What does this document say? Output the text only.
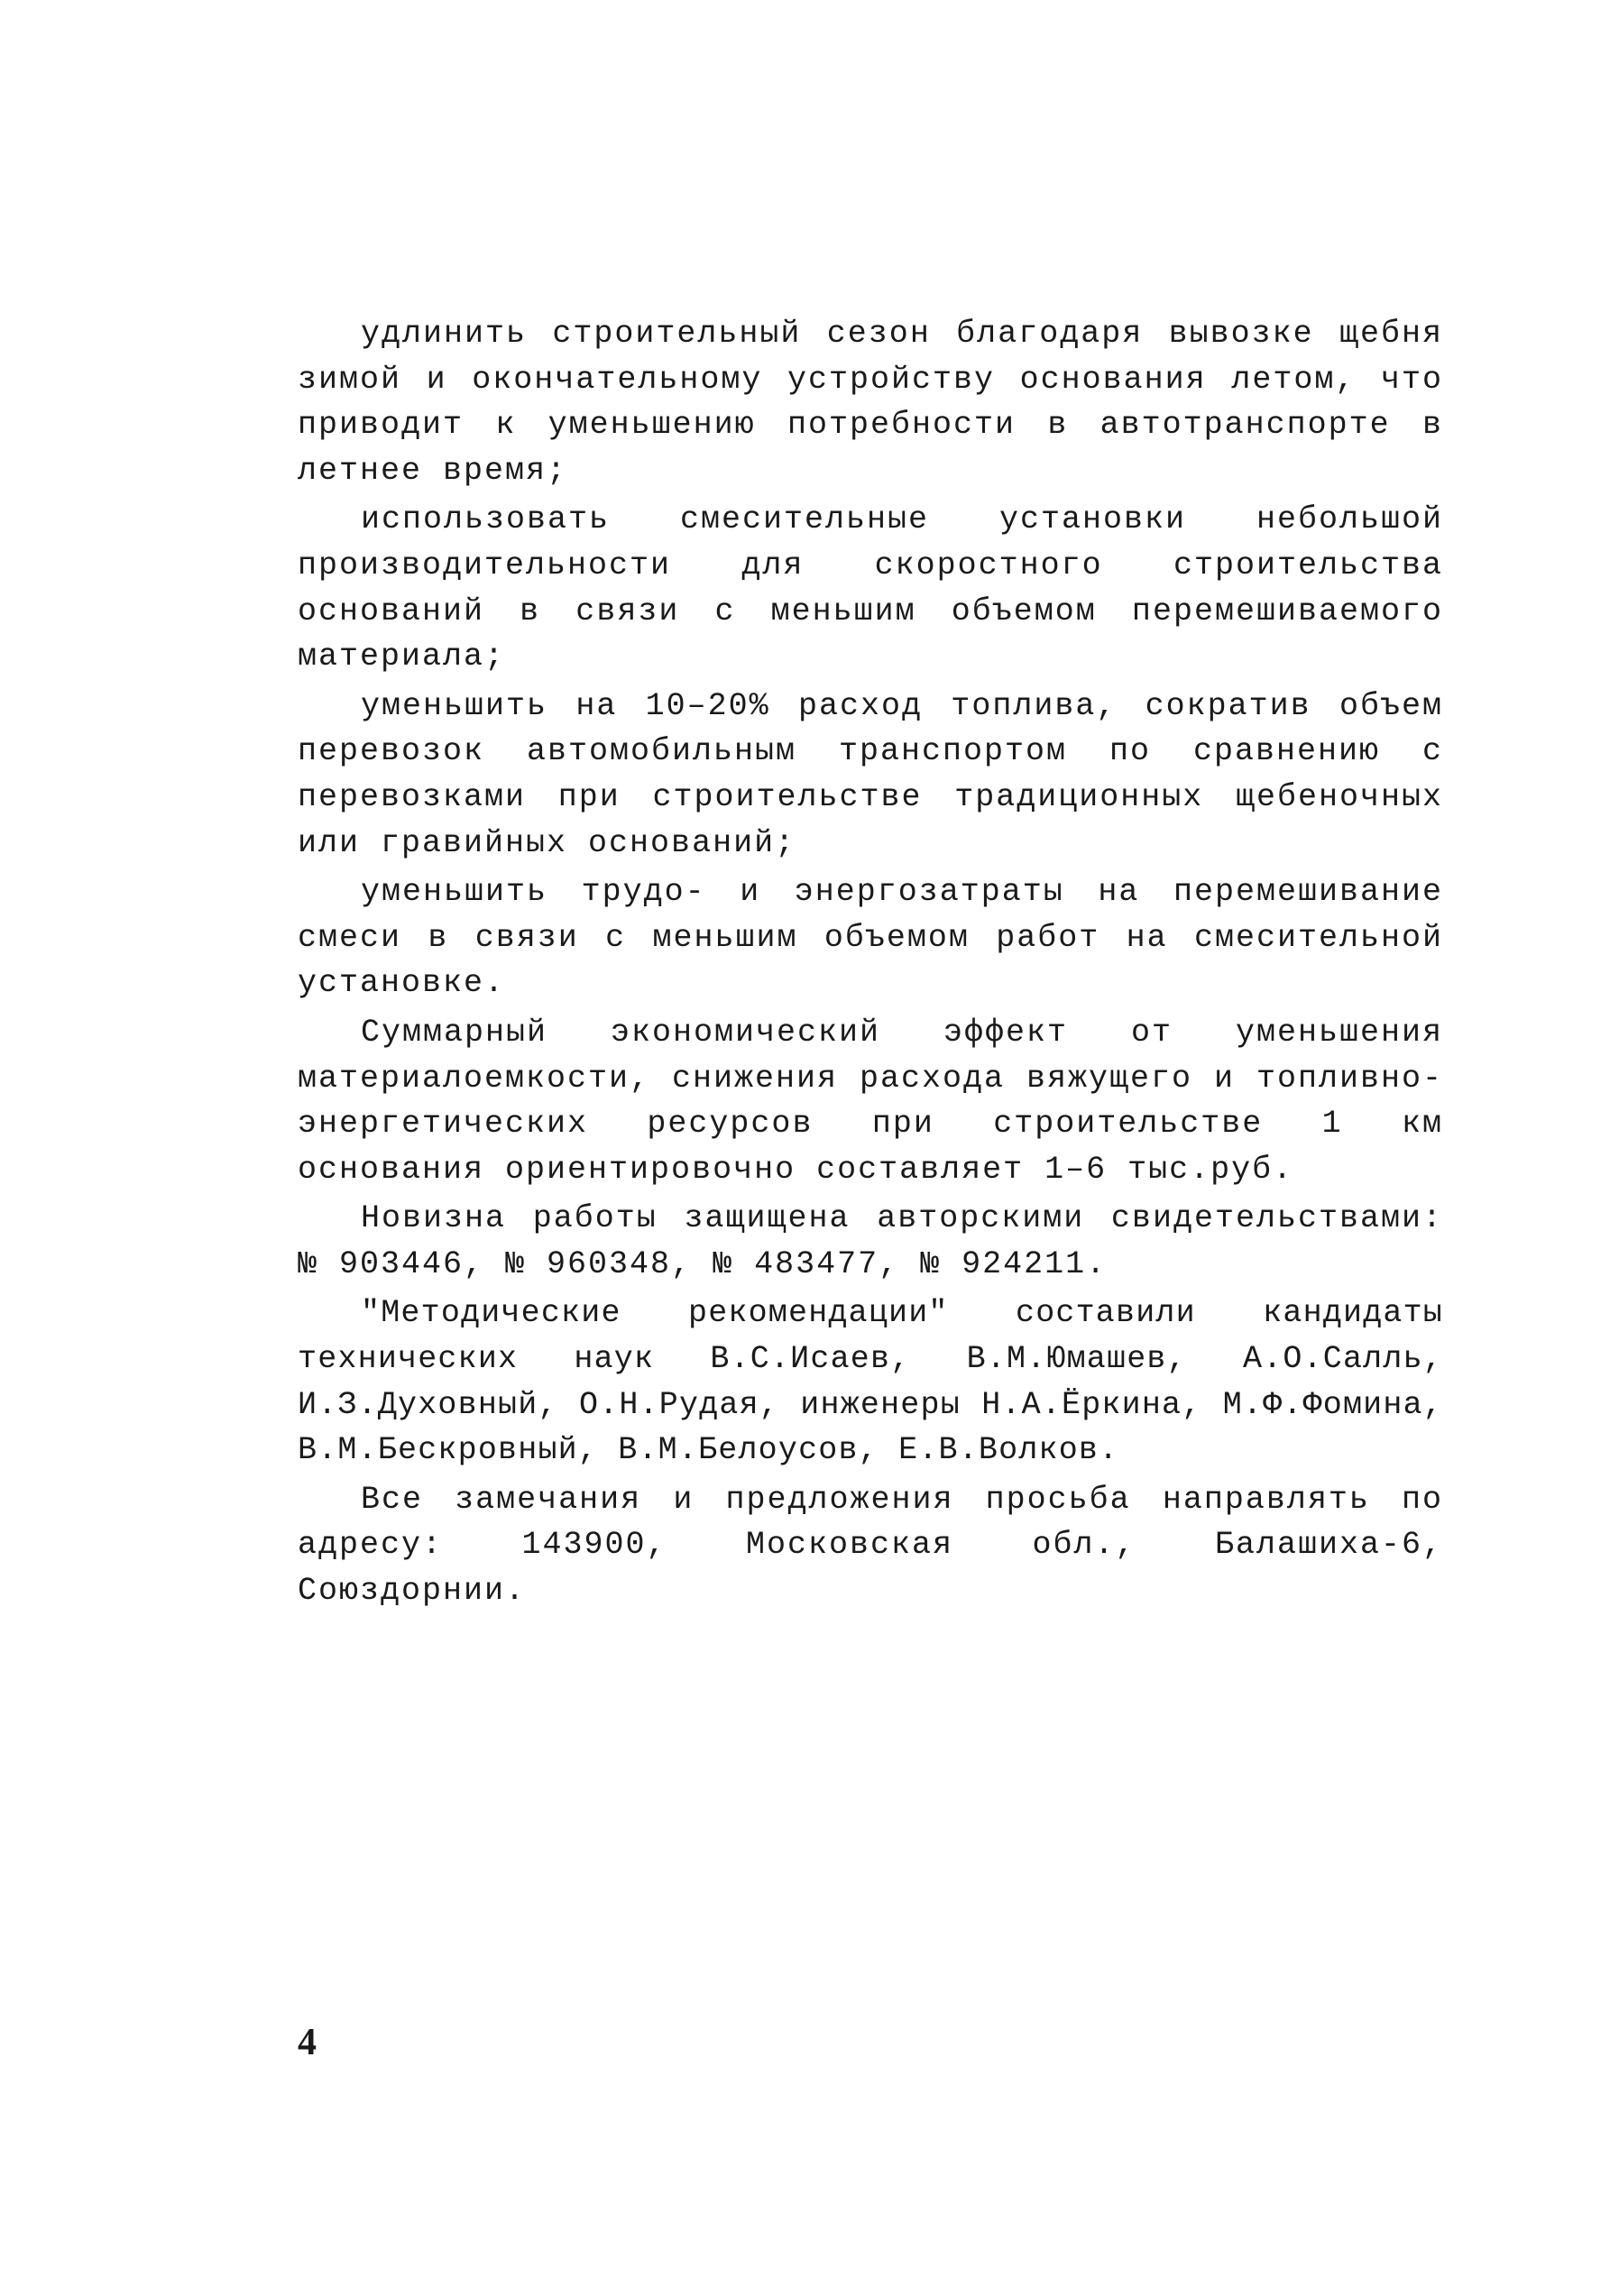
удлинить строительный сезон благодаря вывозке щебня зимой и окончательному устройству основания летом, что приводит к уменьшению потребности в автотранспорте в летнее время;

использовать смесительные установки небольшой производительности для скоростного строительства оснований в связи с меньшим объемом перемешиваемого материала;

уменьшить на 10–20% расход топлива, сократив объем перевозок автомобильным транспортом по сравнению с перевозками при строительстве традиционных щебеночных или гравийных оснований;

уменьшить трудо- и энергозатраты на перемешивание смеси в связи с меньшим объемом работ на смесительной установке.

Суммарный экономический эффект от уменьшения материалоемкости, снижения расхода вяжущего и топливно-энергетических ресурсов при строительстве 1 км основания ориентировочно составляет 1–6 тыс.руб.

Новизна работы защищена авторскими свидетельствами: № 903446, № 960348, № 483477, № 924211.

"Методические рекомендации" составили кандидаты технических наук В.С.Исаев, В.М.Юмашев, А.О.Салль, И.З.Духовный, О.Н.Рудая, инженеры Н.А.Ёркина, М.Ф.Фомина, В.М.Бескровный, В.М.Белоусов, Е.В.Волков.

Все замечания и предложения просьба направлять по адресу: 143900, Московская обл., Балашиха-6, Союздорнии.

4
